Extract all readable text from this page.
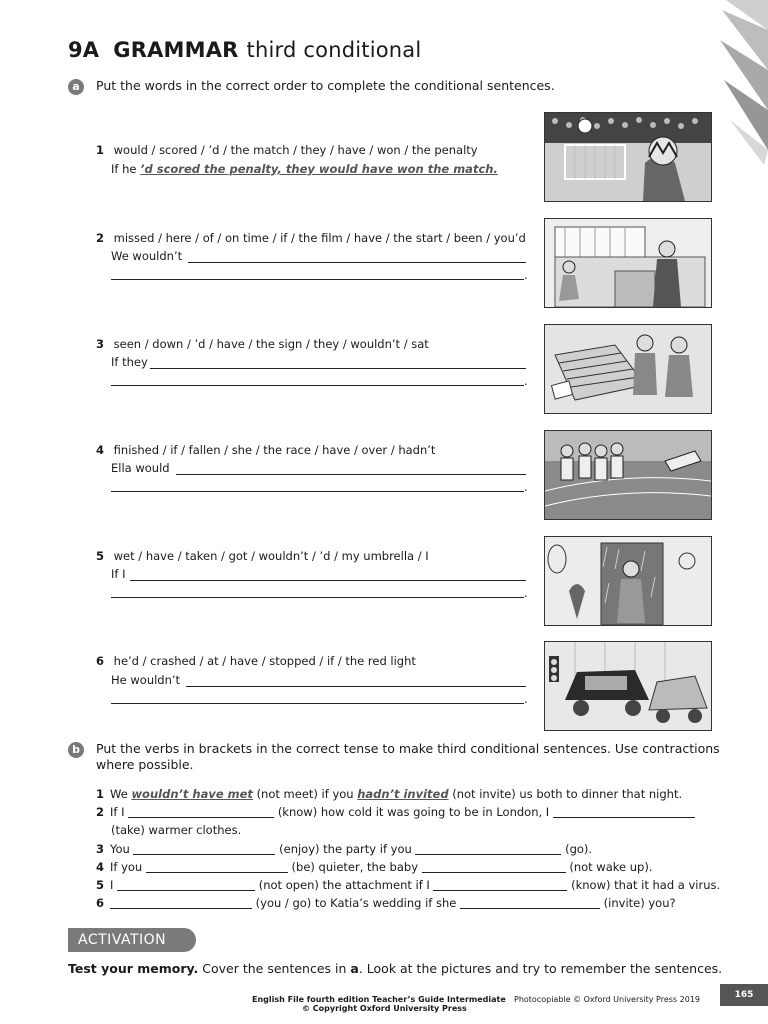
9A GRAMMAR third conditional
a	Put the words in the correct order to complete the conditional sentences.
1 would / scored / ’d / the match / they / have / won / the penalty
If he ’d scored the penalty, they would have won the match.
2 missed / here / of / on time / if / the film / have / the start / been / you’d
We wouldn’t
.
3 seen / down / ’d / have / the sign / they / wouldn’t / sat
If they
.
4 finished / if / fallen / she / the race / have / over / hadn’t
Ella would
.
5 wet / have / taken / got / wouldn’t / ’d / my umbrella / I
If I
.
6 he’d / crashed / at / have / stopped / if / the red light
He wouldn’t
.
b	Put the verbs in brackets in the correct tense to make third conditional sentences. Use contractions
where possible.
1 We wouldn’t have met (not meet) if you hadn’t invited (not invite) us both to dinner that night.
2 If I	(know) how cold it was going to be in London, I
(take) warmer clothes.
3 You	(enjoy) the party if you	(go).
4 If you	(be) quieter, the baby	(not wake up).
5 I	(not open) the attachment if I	(know) that it had a virus.
6	(you / go) to Katia’s wedding if she	(invite) you?
ACTIVATION
Test your memory. Cover the sentences in a. Look at the pictures and try to remember the sentences.
English File fourth edition Teacher’s Guide Intermediate Photocopiable © Oxford University Press 2019
© Copyright Oxford University Press
165
